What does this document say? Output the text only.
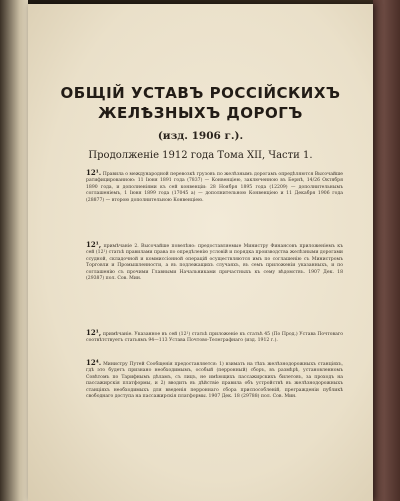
ОБЩІЙ УСТАВЪ РОССІЙСКИХЪ
ЖЕЛѢЗНЫХЪ ДОРОГЪ
(изд. 1906 г.).
Продолженіе 1912 года Тома XII, Части 1.
12¹. Правила о международной перевозкѣ грузовъ по желѣзнымъ дорогамъ опредѣляются Высочайше ратифицированною: 11 Іюня 1891 года (7837) — Конвенціею, заключенною въ Бернѣ, 14/26 Октября 1890 года, и дополненіями къ сей конвенціи: 28 Ноября 1895 года (12209) — дополнительнымъ соглашеніемъ, 1 Іюня 1899 года (17045 а) — дополнительною Конвенціею и 11 Декабря 1906 года (28877) — второю дополнительною Конвенціею.
12¹, примѣчаніе 2. Высочайше повелѣно: предоставляемые Министру Финансовъ приложеніемъ къ сей (12¹) статьѣ правилами права по опредѣленію условій и порядка производства желѣзными дорогами ссудной, складочной и коммиссіонной операцій осуществляются имъ по соглашенію съ Министромъ Торговли и Промышленности, а въ подлежащихъ случаяхъ, въ семъ приложеніи указанныхъ, и по соглашенію съ прочими Главными Начальниками причастныхъ къ сему вѣдомствъ. 1907 Дек. 18 (29387) пол. Сов. Мин.
12¹, примѣчаніе. Указанное въ сей (12¹) статьѣ приложеніе къ статьѣ 45 (По Прод.) Устава Почтоваго соотвѣтствуетъ статьямъ 94—113 Устава Почтово-Телеграфнаго (изд. 1912 г.).
12⁴. Министру Путей Сообщенія предоставляется: 1) взимать на тѣхъ желѣзнодорожныхъ станціяхъ, гдѣ это будетъ признано необходимымъ, особый (перронный) сборъ, въ размѣрѣ, установленномъ Совѣтомъ по Тарифнымъ дѣламъ, съ лицъ, не имѣющихъ пассажирскихъ билетовъ, за проходъ на пассажирскія платформы, и 2) вводить въ дѣйствіе правила объ устройствѣ въ желѣзнодорожныхъ станціяхъ необходимыхъ для введенія перроннаго сбора приспособленій, прегражденіи публикѣ свободнаго доступа на пассажирскія платформы. 1907 Дек. 18 (29788) пол. Сов. Мин.
